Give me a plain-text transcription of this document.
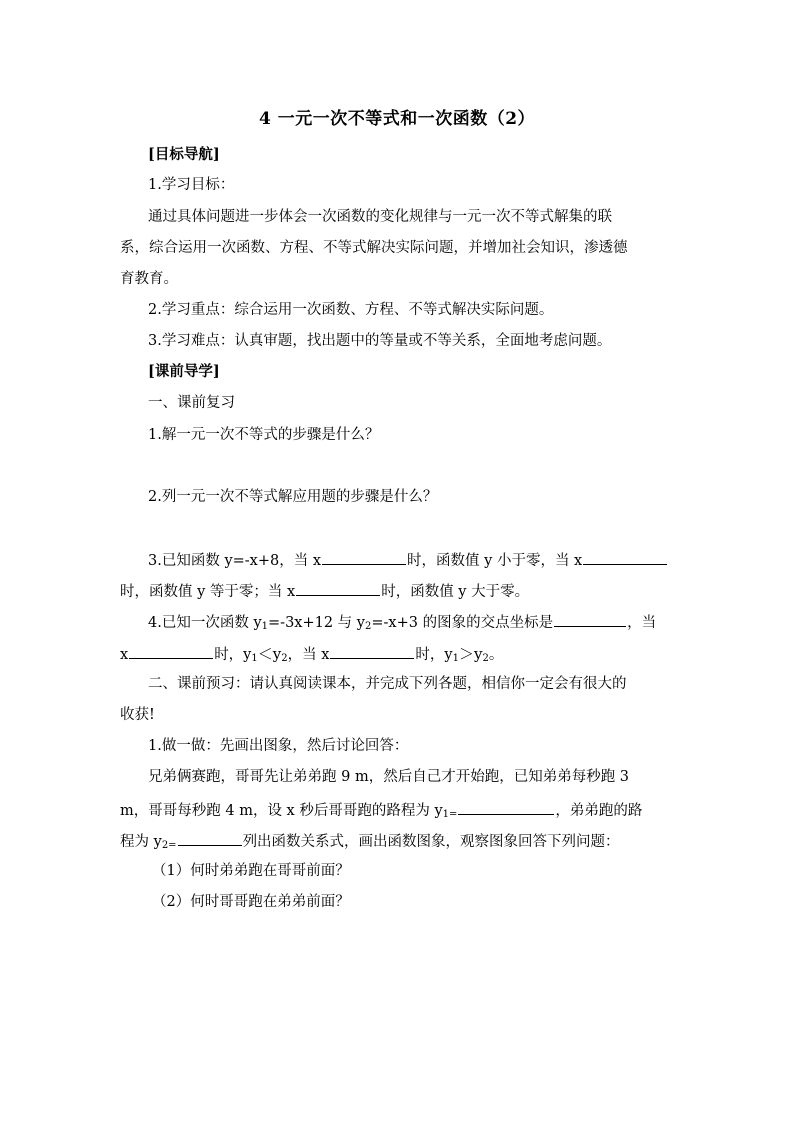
4 一元一次不等式和一次函数（2）
[目标导航]
1.学习目标：
通过具体问题进一步体会一次函数的变化规律与一元一次不等式解集的联
系，综合运用一次函数、方程、不等式解决实际问题，并增加社会知识，渗透德
育教育。
2.学习重点：综合运用一次函数、方程、不等式解决实际问题。
3.学习难点：认真审题，找出题中的等量或不等关系，全面地考虑问题。
[课前导学]
一、课前复习
1.解一元一次不等式的步骤是什么？
2.列一元一次不等式解应用题的步骤是什么？
3.已知函数 y=-x+8，当 x	时，函数值 y 小于零，当 x
时，函数值 y 等于零；当 x	时，函数值 y 大于零。
4.已知一次函数 $y_1=-3x+12$ 与 $y_2=-x+3$ 的图象的交点坐标是	，当
x	时，$y_1<y_2$，当 x	时，$y_1>y_2$。
二、课前预习：请认真阅读课本，并完成下列各题，相信你一定会有很大的
收获!
1.做一做：先画出图象，然后讨论回答：
兄弟俩赛跑，哥哥先让弟弟跑 9 m，然后自己才开始跑，已知弟弟每秒跑 3
m，哥哥每秒跑 4 m，设 x 秒后哥哥跑的路程为 $y_{1=}$	，弟弟跑的路
程为 $y_{2=}$	列出函数关系式，画出函数图象，观察图象回答下列问题：
（1）何时弟弟跑在哥哥前面？
（2）何时哥哥跑在弟弟前面？
